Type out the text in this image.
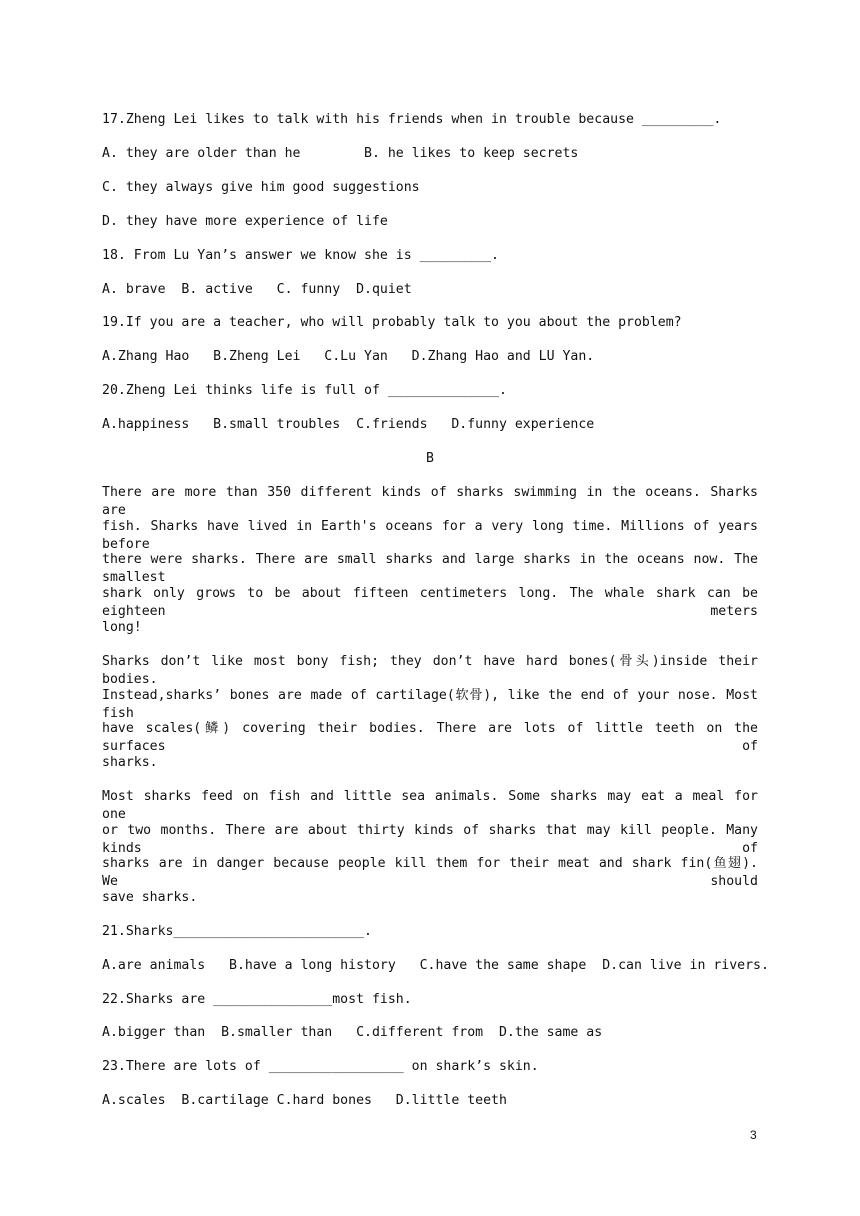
17.Zheng Lei likes to talk with his friends when in trouble because _________.
A. they are older than he        B. he likes to keep secrets
C. they always give him good suggestions
D. they have more experience of life
18. From Lu Yan’s answer we know she is _________.
A. brave  B. active   C. funny  D.quiet
19.If you are a teacher, who will probably talk to you about the problem?
A.Zhang Hao   B.Zheng Lei   C.Lu Yan   D.Zhang Hao and LU Yan.
20.Zheng Lei thinks life is full of ______________.
A.happiness   B.small troubles  C.friends   D.funny experience
B
There are more than 350 different kinds of sharks swimming in the oceans. Sharks are
fish. Sharks have lived in Earth's oceans for a very long time. Millions of years before
there were sharks. There are small sharks and large sharks in the oceans now. The smallest
shark only grows to be about fifteen centimeters long. The whale shark can be eighteen meters
long!
Sharks don’t like most bony fish; they don’t have hard bones(骨头)inside their bodies.
Instead,sharks’ bones are made of cartilage(软骨), like the end of your nose. Most fish
have scales(鳞) covering their bodies. There are lots of little teeth on the surfaces of
sharks.
Most sharks feed on fish and little sea animals. Some sharks may eat a meal for one
or two months. There are about thirty kinds of sharks that may kill people. Many kinds of
sharks are in danger because people kill them for their meat and shark fin(鱼翅). We should
save sharks.
21.Sharks________________________.
A.are animals   B.have a long history   C.have the same shape  D.can live in rivers.
22.Sharks are _______________most fish.
A.bigger than  B.smaller than   C.different from  D.the same as
23.There are lots of _________________ on shark’s skin.
A.scales  B.cartilage C.hard bones   D.little teeth
3
